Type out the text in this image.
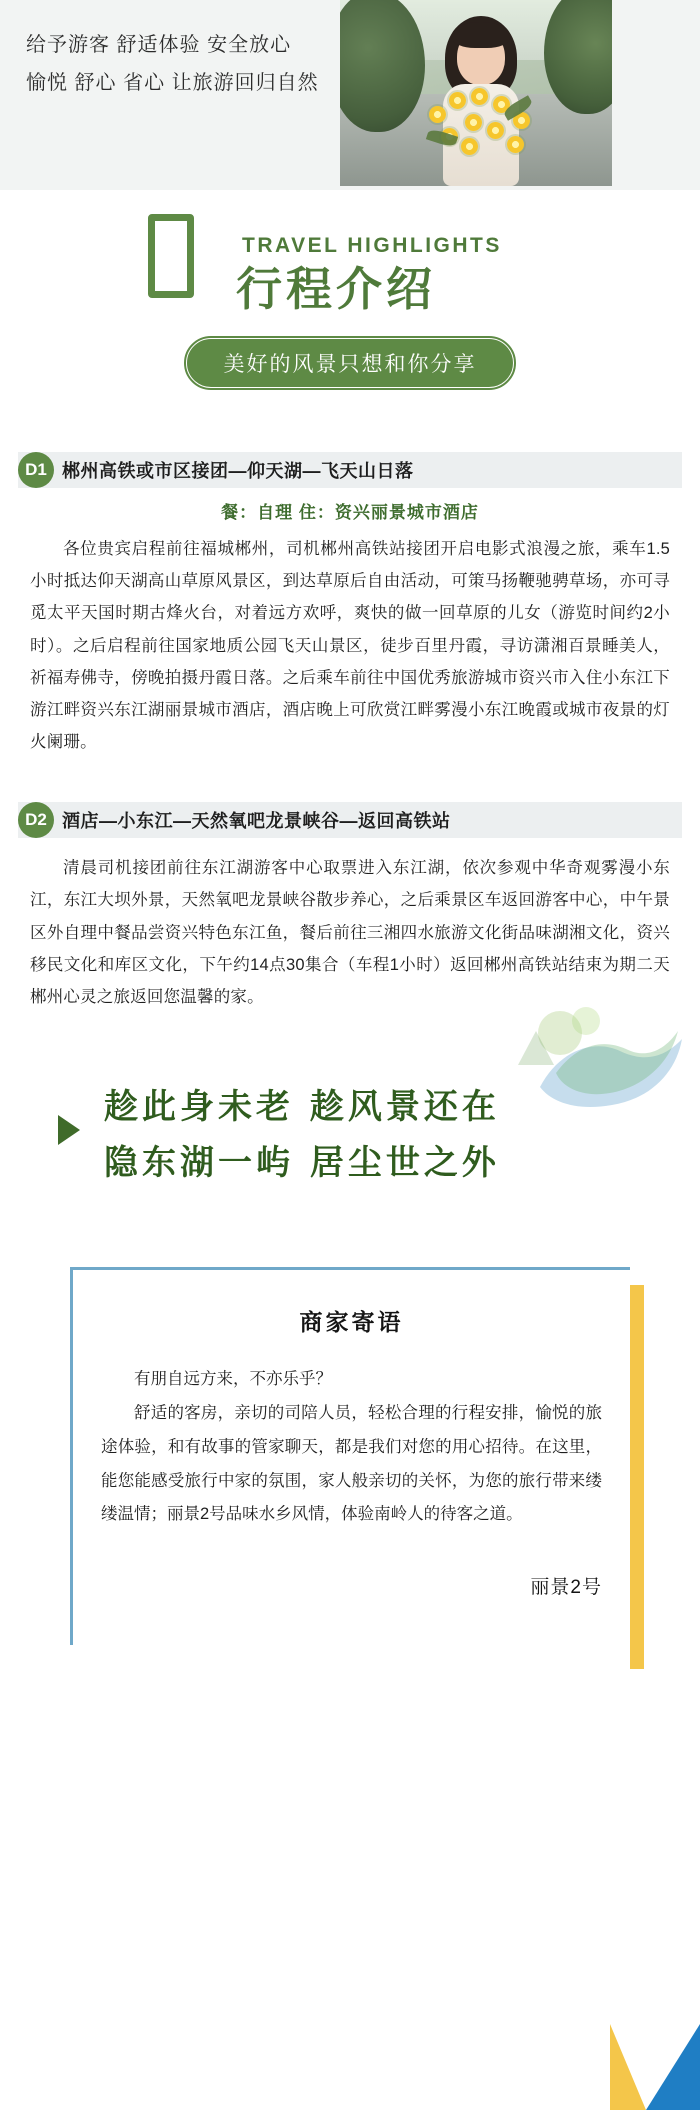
给予游客 舒适体验 安全放心
愉悦 舒心 省心 让旅游回归自然
TRAVEL HIGHLIGHTS
行程介绍
美好的风景只想和你分享
D1 郴州高铁或市区接团—仰天湖—飞天山日落
餐：自理 住：资兴丽景城市酒店
各位贵宾启程前往福城郴州，司机郴州高铁站接团开启电影式浪漫之旅，乘车1.5小时抵达仰天湖高山草原风景区，到达草原后自由活动，可策马扬鞭驰骋草场，亦可寻觅太平天国时期古烽火台，对着远方欢呼，爽快的做一回草原的儿女（游览时间约2小时）。之后启程前往国家地质公园飞天山景区，徒步百里丹霞，寻访潇湘百景睡美人，祈福寿佛寺，傍晚拍摄丹霞日落。之后乘车前往中国优秀旅游城市资兴市入住小东江下游江畔资兴东江湖丽景城市酒店，酒店晚上可欣赏江畔雾漫小东江晚霞或城市夜景的灯火阑珊。
D2 酒店—小东江—天然氧吧龙景峡谷—返回高铁站
清晨司机接团前往东江湖游客中心取票进入东江湖，依次参观中华奇观雾漫小东江，东江大坝外景，天然氧吧龙景峡谷散步养心，之后乘景区车返回游客中心，中午景区外自理中餐品尝资兴特色东江鱼，餐后前往三湘四水旅游文化街品味湖湘文化，资兴移民文化和库区文化，下午约14点30集合（车程1小时）返回郴州高铁站结束为期二天郴州心灵之旅返回您温馨的家。
趁此身未老 趁风景还在
隐东湖一屿 居尘世之外
商家寄语
有朋自远方来，不亦乐乎？
舒适的客房，亲切的司陪人员，轻松合理的行程安排，愉悦的旅途体验，和有故事的管家聊天，都是我们对您的用心招待。在这里，能您能感受旅行中家的氛围，家人般亲切的关怀，为您的旅行带来缕缕温情；丽景2号品味水乡风情，体验南岭人的待客之道。
丽景2号
